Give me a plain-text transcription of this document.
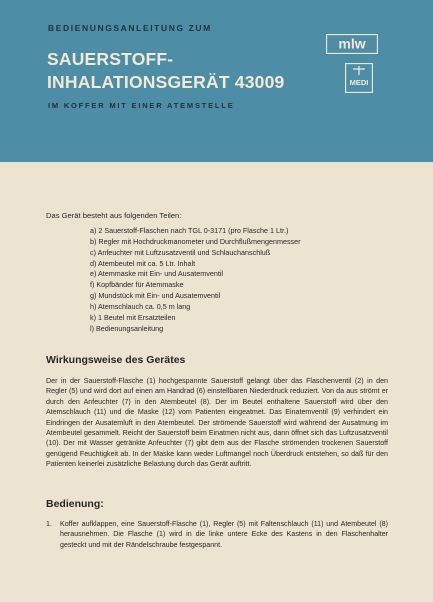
BEDIENUNGSANLEITUNG ZUM

SAUERSTOFF-
INHALATIONSGERÄT 43009

IM KOFFER MIT EINER ATEMSTELLE

mlw
MEDI

Das Gerät besteht aus folgenden Teilen:

a) 2 Sauerstoff-Flaschen nach TGL 0-3171 (pro Flasche 1 Ltr.)
b) Regler mit Hochdruckmanometer und Durchflußmengenmesser
c) Anfeuchter mit Luftzusatzventil und Schlauchanschluß
d) Atembeutel mit ca. 5 Ltr. Inhalt
e) Atemmaske mit Ein- und Ausatemventil
f) Kopfbänder für Atemmaske
g) Mundstück mit Ein- und Ausatemventil
h) Atemschlauch ca. 0,5 m lang
k) 1 Beutel mit Ersatzteilen
l) Bedienungsanleitung
Wirkungsweise des Gerätes

Der in der Sauerstoff-Flasche (1) hochgespannte Sauerstoff gelangt über das Flaschenventil (2) in den Regler (5) und wird dort auf einen am Handrad (6) einstellbaren Niederdruck reduziert. Von da aus strömt er durch den Anfeuchter (7) in den Atembeutel (8). Der im Beutel enthaltene Sauerstoff wird über den Atemschlauch (11) und die Maske (12) vom Patienten eingeatmet. Das Einatemventil (9) verhindert ein Eindringen der Ausatemluft in den Atembeutel. Der strömende Sauerstoff wird während der Ausatmung im Atembeutel gesammelt. Reicht der Sauerstoff beim Einatmen nicht aus, dann öffnet sich das Luftzusatzventil (10). Der mit Wasser getränkte Anfeuchter (7) gibt dem aus der Flasche strömenden trockenen Sauerstoff genügend Feuchtigkeit ab. In der Maske kann weder Luftmangel noch Überdruck entstehen, so daß für den Patienten keinerlei zusätzliche Belastung durch das Gerät auftritt.

Bedienung:
1. Koffer aufklappen, eine Sauerstoff-Flasche (1), Regler (5) mit Faltenschlauch (11) und Atembeutel (8) herausnehmen. Die Flasche (1) wird in die linke untere Ecke des Kastens in den Flaschenhalter gesteckt und mit der Rändelschraube festgespannt.
